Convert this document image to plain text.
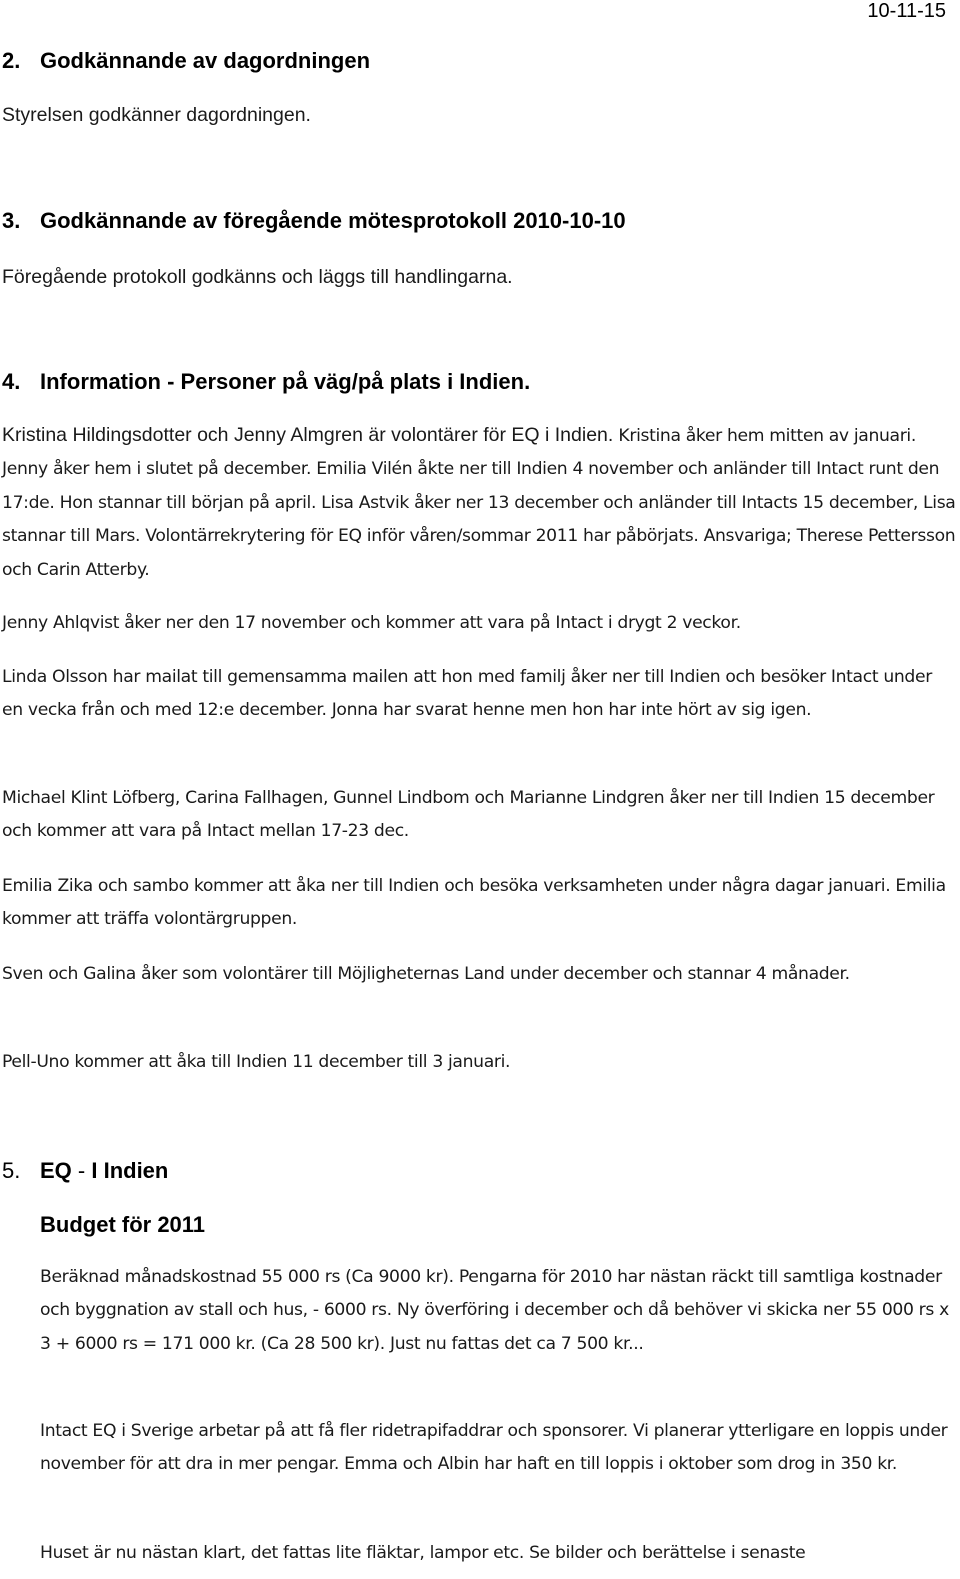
10-11-15
2. Godkännande av dagordningen
Styrelsen godkänner dagordningen.
3. Godkännande av föregående mötesprotokoll 2010-10-10
Föregående protokoll godkänns och läggs till handlingarna.
4. Information - Personer på väg/på plats i Indien.

Kristina Hildingsdotter och Jenny Almgren är volontärer för EQ i Indien. Kristina åker hem mitten av januari. Jenny åker hem i slutet på december. Emilia Vilén åkte ner till Indien 4 november och anländer till Intact runt den 17:de. Hon stannar till början på april. Lisa Astvik åker ner 13 december och anländer till Intacts 15 december, Lisa stannar till Mars. Volontärrekrytering för EQ inför våren/sommar 2011 har påbörjats. Ansvariga; Therese Pettersson och Carin Atterby.

Jenny Ahlqvist åker ner den 17 november och kommer att vara på Intact i drygt 2 veckor.

Linda Olsson har mailat till gemensamma mailen att hon med familj åker ner till Indien och besöker Intact under en vecka från och med 12:e december. Jonna har svarat henne men hon har inte hört av sig igen.

Michael Klint Löfberg, Carina Fallhagen, Gunnel Lindbom och Marianne Lindgren åker ner till Indien 15 december och kommer att vara på Intact mellan 17-23 dec.

Emilia Zika och sambo kommer att åka ner till Indien och besöka verksamheten under några dagar januari. Emilia kommer att träffa volontärgruppen.

Sven och Galina åker som volontärer till Möjligheternas Land under december och stannar 4 månader.

Pell-Uno kommer att åka till Indien 11 december till 3 januari.

5. EQ - I Indien
Budget för 2011

Beräknad månadskostnad 55 000 rs (Ca 9000 kr). Pengarna för 2010 har nästan räckt till samtliga kostnader och byggnation av stall och hus, - 6000 rs. Ny överföring i december och då behöver vi skicka ner 55 000 rs x 3 + 6000 rs = 171 000 kr. (Ca 28 500 kr). Just nu fattas det ca 7 500 kr...

Intact EQ i Sverige arbetar på att få fler ridetrapifaddrar och sponsorer. Vi planerar ytterligare en loppis under november för att dra in mer pengar. Emma och Albin har haft en till loppis i oktober som drog in 350 kr.

Huset är nu nästan klart, det fattas lite fläktar, lampor etc. Se bilder och berättelse i senaste
